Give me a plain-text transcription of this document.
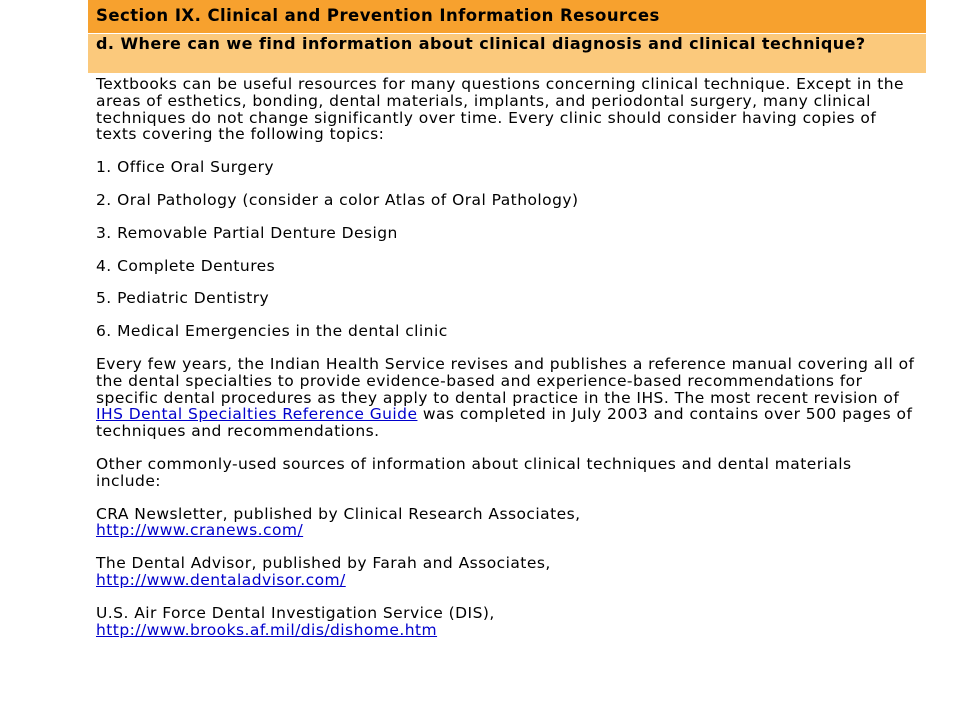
Section IX. Clinical and Prevention Information Resources
d. Where can we find information about clinical diagnosis and clinical technique?

Textbooks can be useful resources for many questions concerning clinical technique. Except in the areas of esthetics, bonding, dental materials, implants, and periodontal surgery, many clinical techniques do not change significantly over time. Every clinic should consider having copies of texts covering the following topics:

1. Office Oral Surgery
2. Oral Pathology (consider a color Atlas of Oral Pathology)
3. Removable Partial Denture Design
4. Complete Dentures
5. Pediatric Dentistry
6. Medical Emergencies in the dental clinic

Every few years, the Indian Health Service revises and publishes a reference manual covering all of the dental specialties to provide evidence-based and experience-based recommendations for specific dental procedures as they apply to dental practice in the IHS. The most recent revision of IHS Dental Specialties Reference Guide was completed in July 2003 and contains over 500 pages of techniques and recommendations.

Other commonly-used sources of information about clinical techniques and dental materials include:

CRA Newsletter, published by Clinical Research Associates,
http://www.cranews.com/
The Dental Advisor, published by Farah and Associates,
http://www.dentaladvisor.com/
U.S. Air Force Dental Investigation Service (DIS),
http://www.brooks.af.mil/dis/dishome.htm
